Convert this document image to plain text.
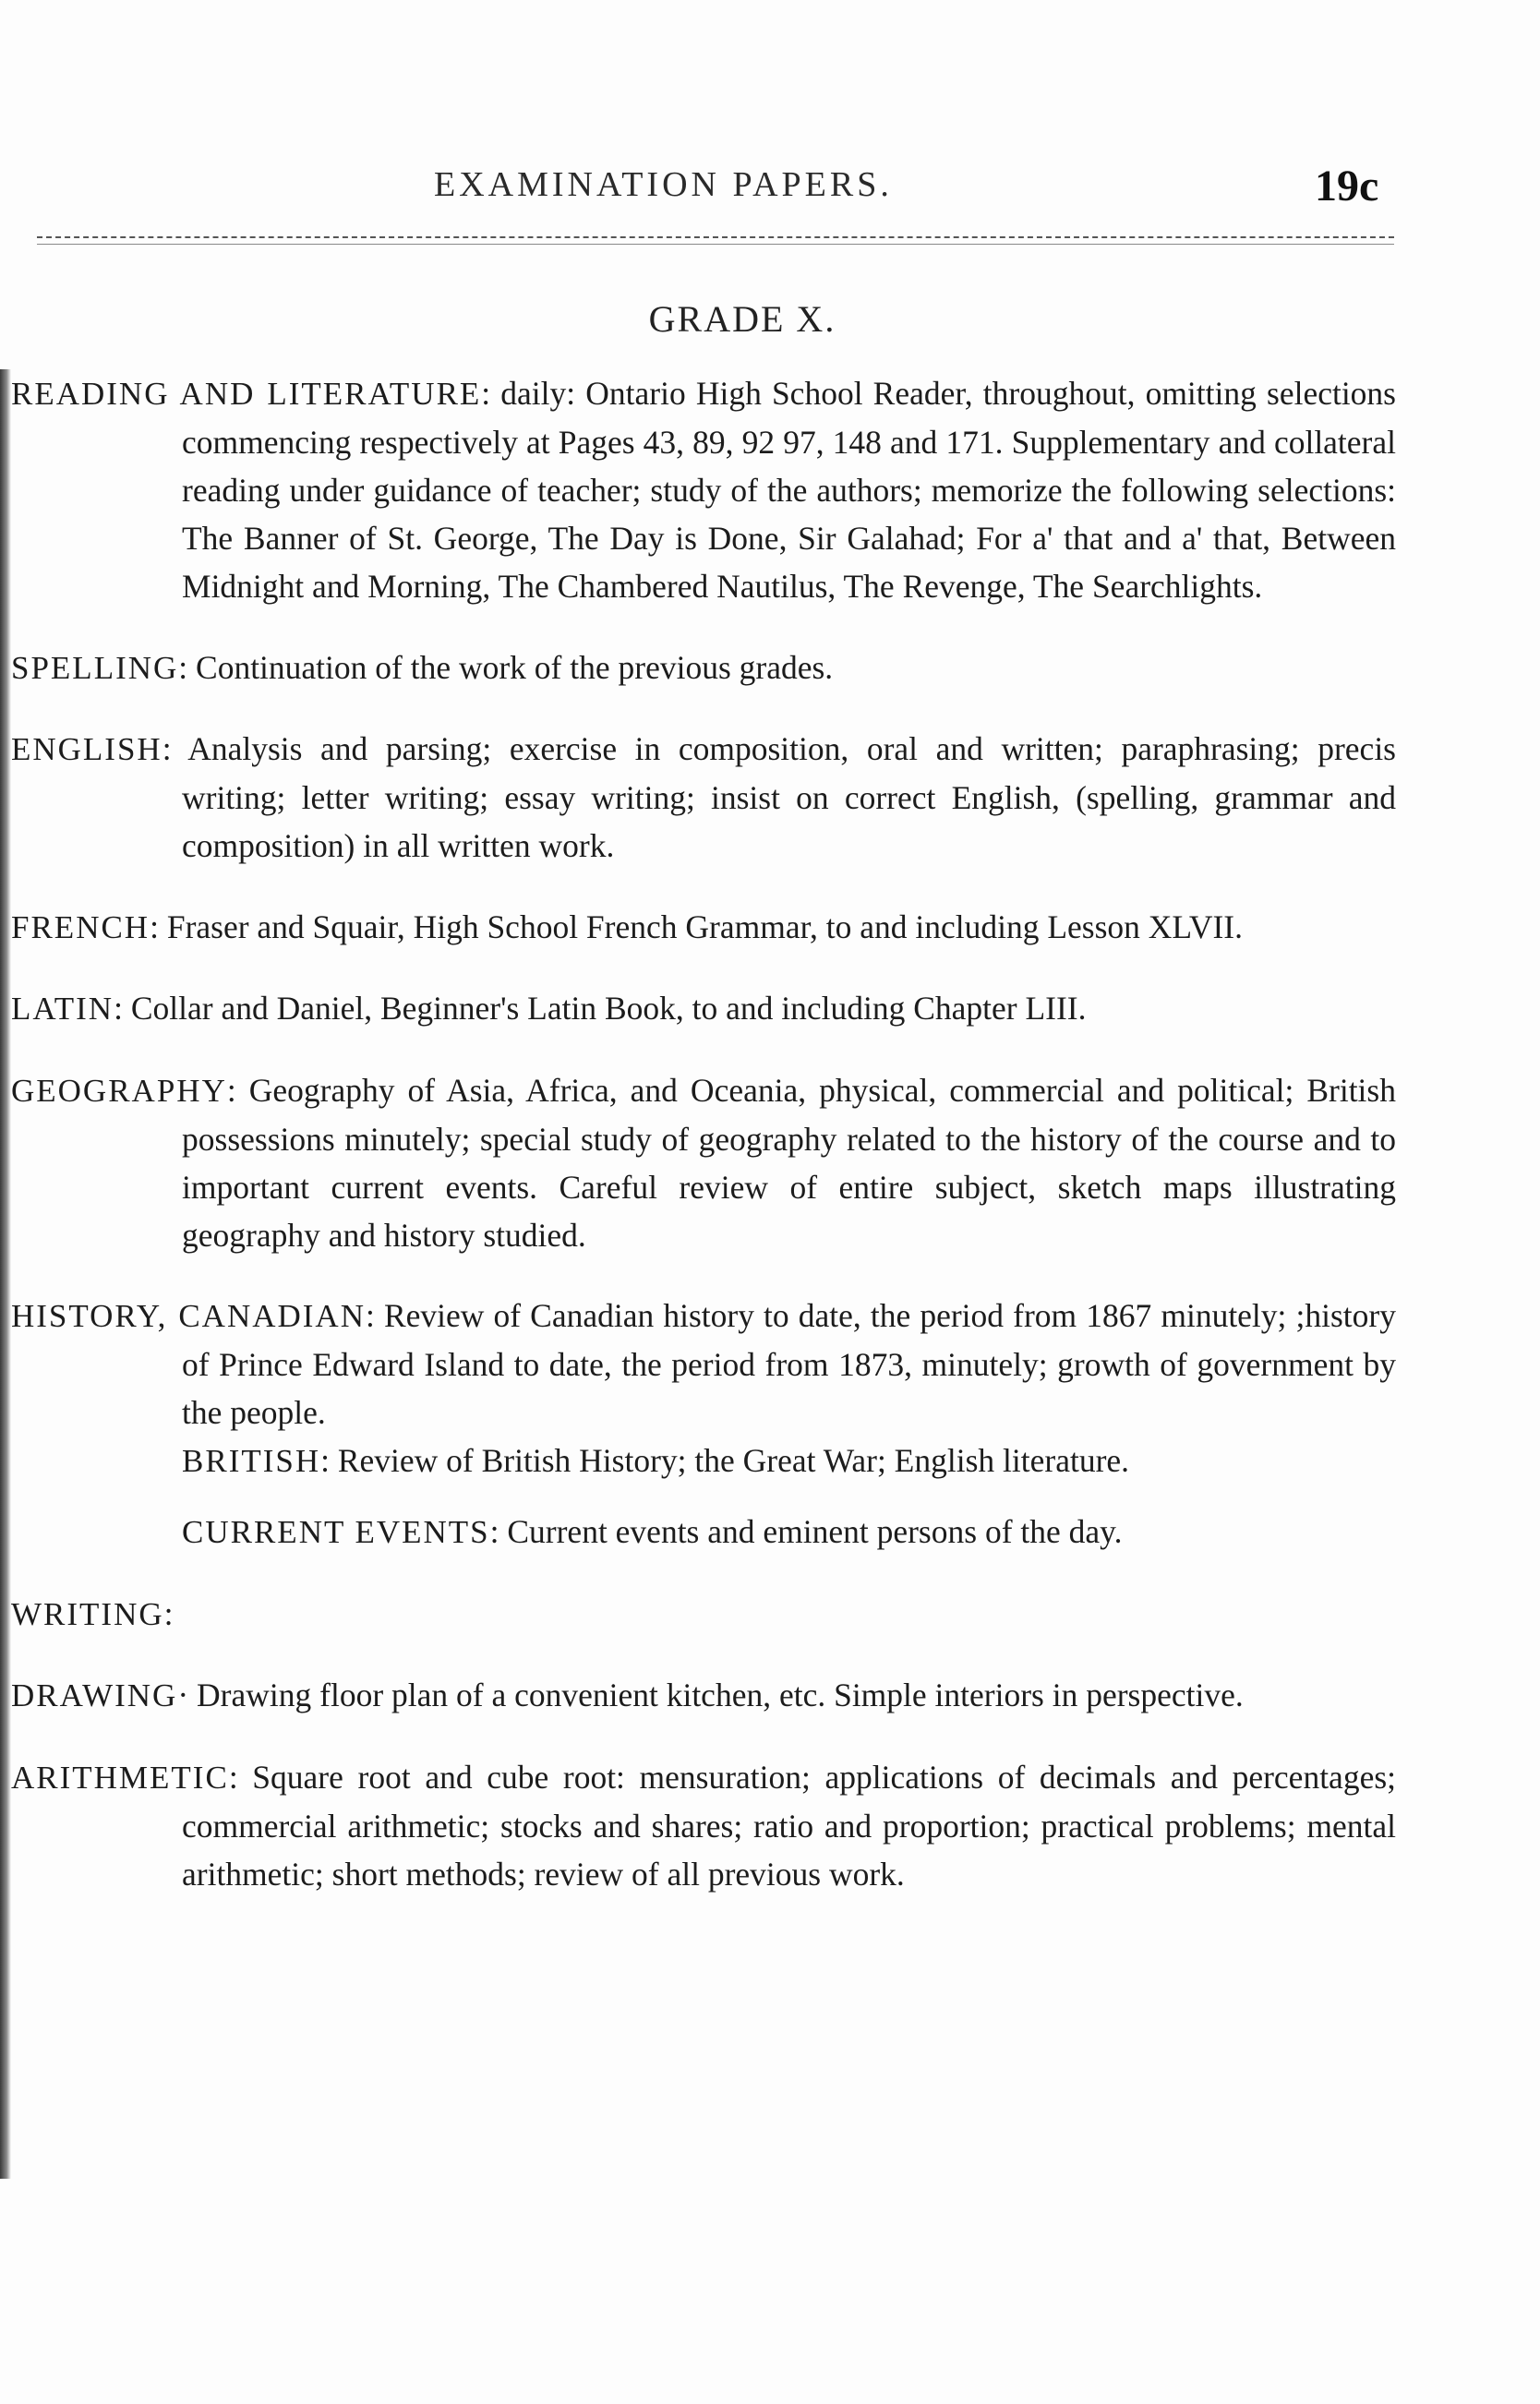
EXAMINATION PAPERS.	19c
GRADE X.

READING AND LITERATURE: daily: Ontario High School Reader, throughout, omitting selections commencing respectively at Pages 43, 89, 92 97, 148 and 171. Supplementary and collateral reading under guidance of teacher; study of the authors; memorize the following selections: The Banner of St. George, The Day is Done, Sir Galahad; For a' that and a' that, Between Midnight and Morning, The Chambered Nautilus, The Revenge, The Searchlights.

SPELLING: Continuation of the work of the previous grades.

ENGLISH: Analysis and parsing; exercise in composition, oral and written; paraphrasing; precis writing; letter writing; essay writing; insist on correct English, (spelling, grammar and composition) in all written work.

FRENCH: Fraser and Squair, High School French Grammar, to and including Lesson XLVII.

LATIN: Collar and Daniel, Beginner's Latin Book, to and including Chapter LIII.

GEOGRAPHY: Geography of Asia, Africa, and Oceania, physical, commercial and political; British possessions minutely; special study of geography related to the history of the course and to important current events. Careful review of entire subject, sketch maps illustrating geography and history studied.

HISTORY, CANADIAN: Review of Canadian history to date, the period from 1867 minutely; ;history of Prince Edward Island to date, the period from 1873, minutely; growth of government by the people.

BRITISH: Review of British History; the Great War; English literature.

CURRENT EVENTS: Current events and eminent persons of the day.

WRITING:

DRAWING· Drawing floor plan of a convenient kitchen, etc. Simple interiors in perspective.

ARITHMETIC: Square root and cube root: mensuration; applications of decimals and percentages; commercial arithmetic; stocks and shares; ratio and proportion; practical problems; mental arithmetic; short methods; review of all previous work.
